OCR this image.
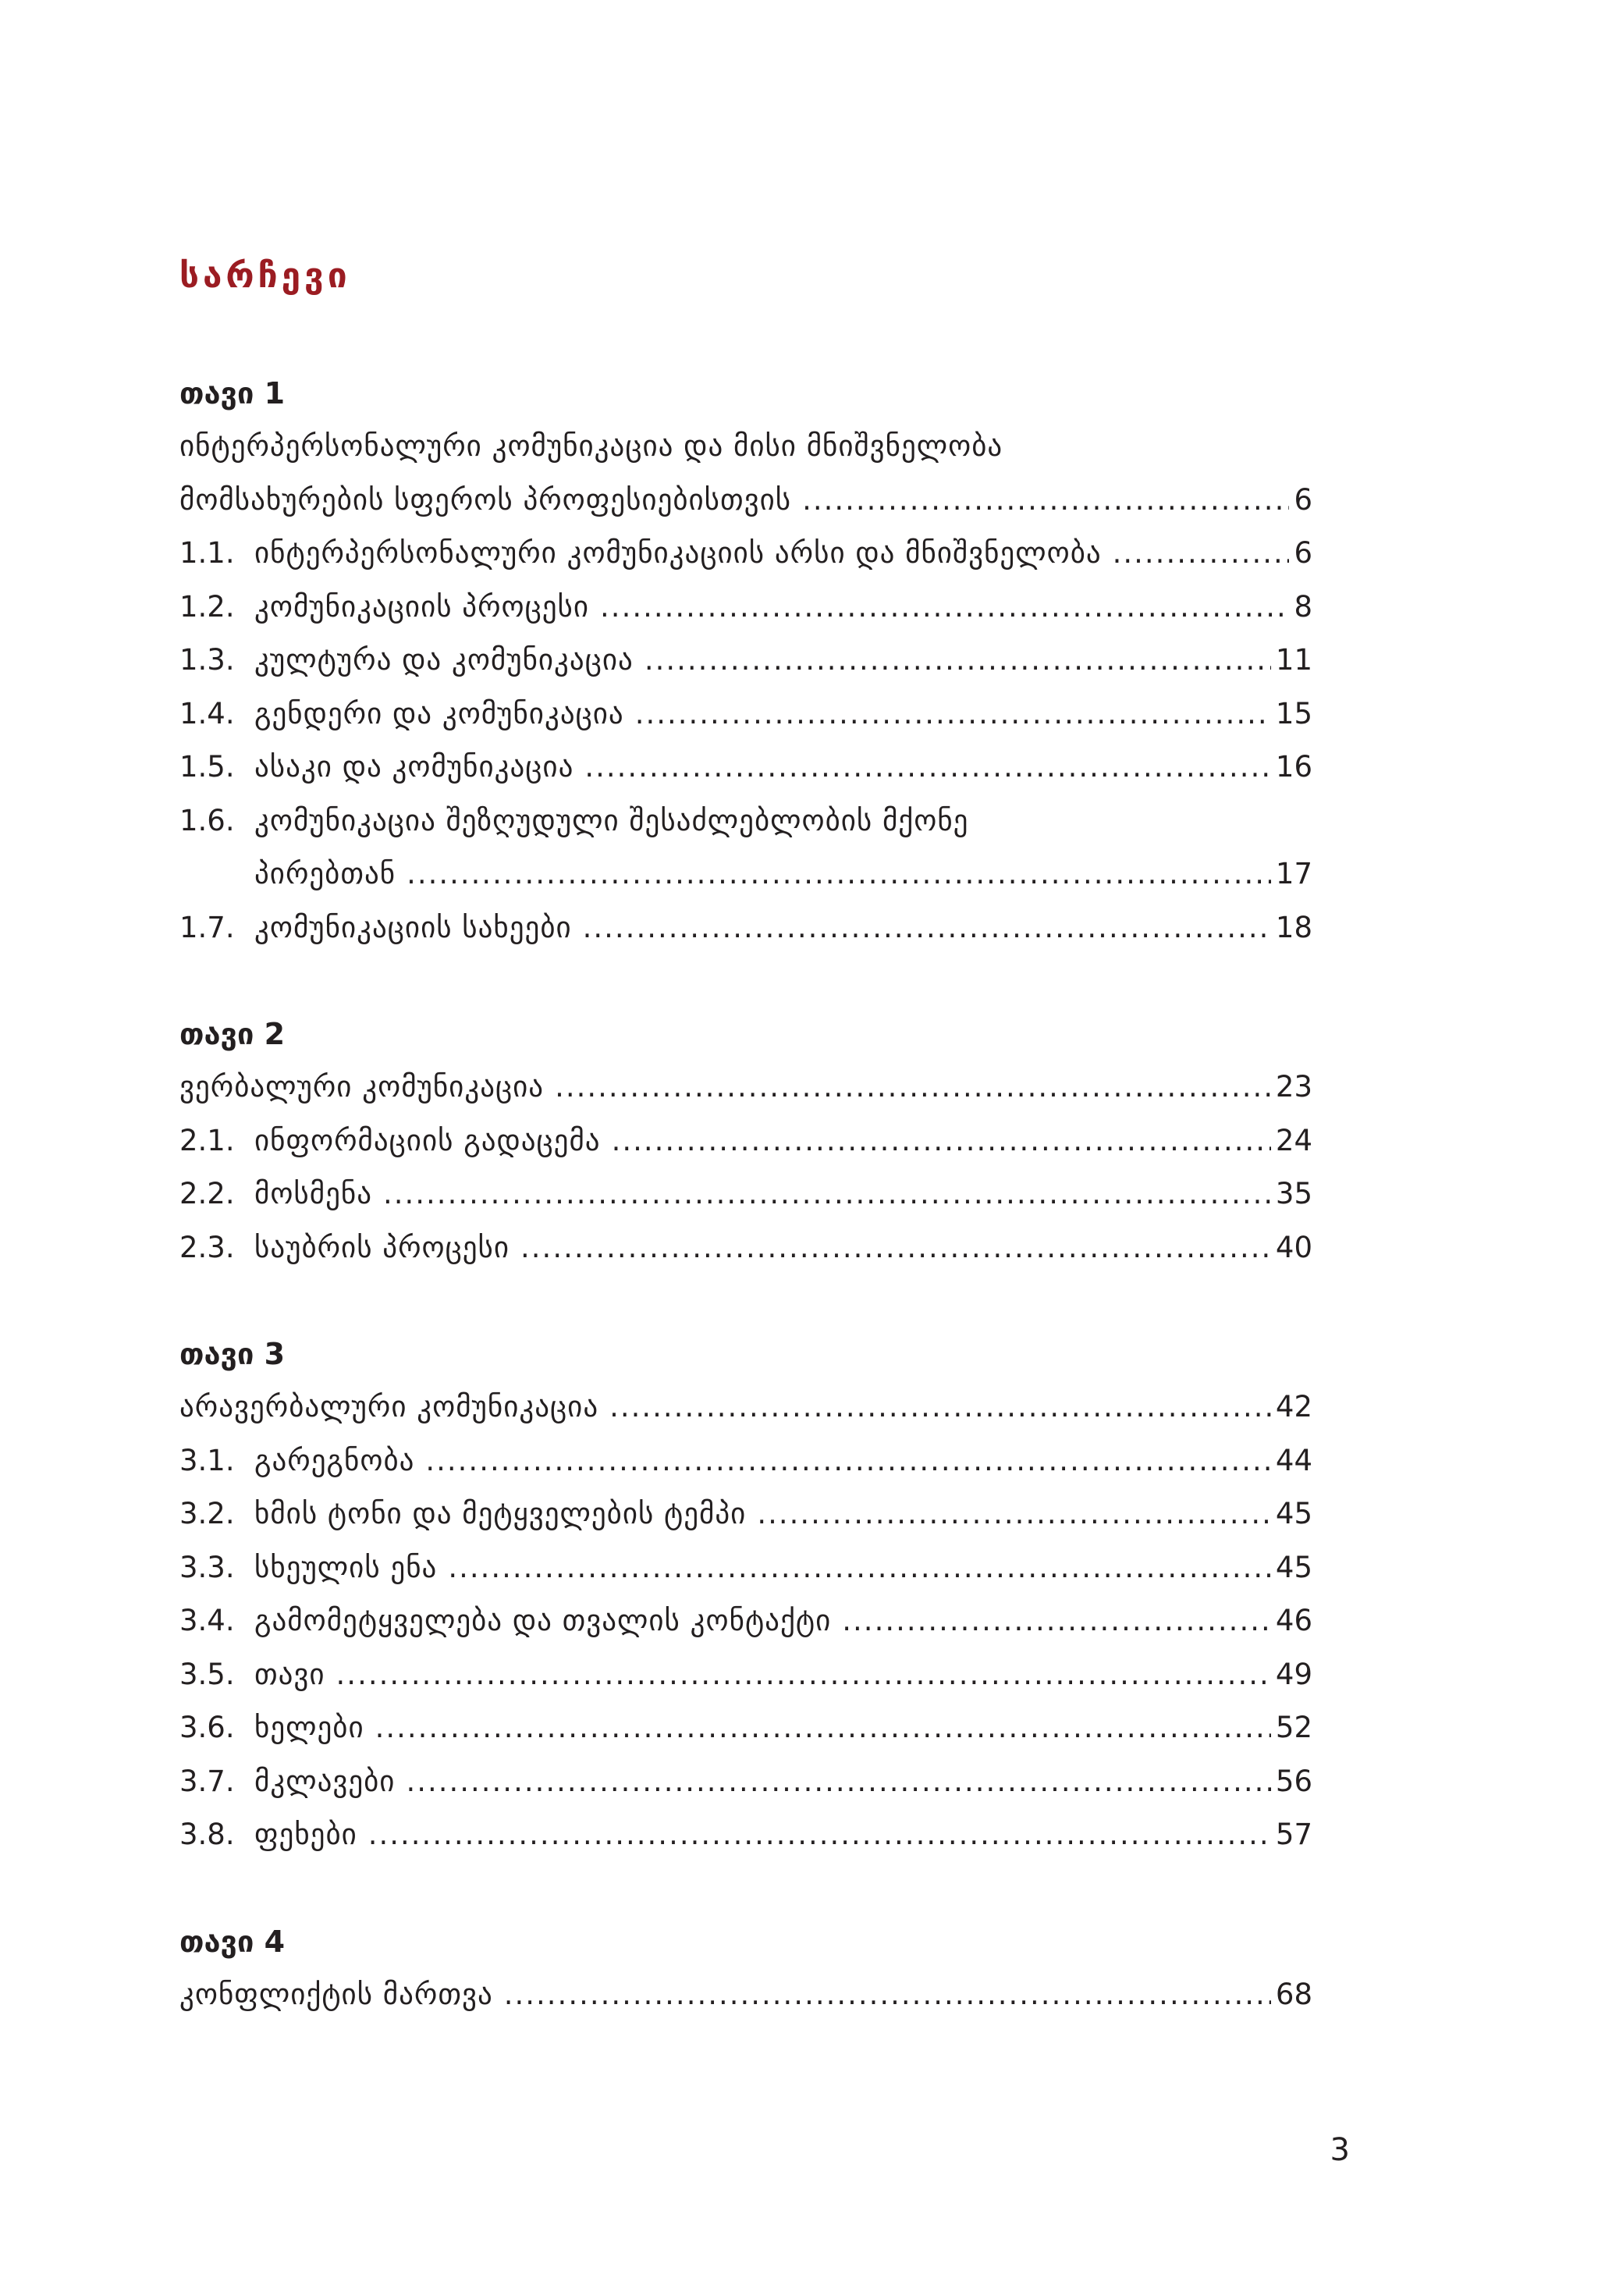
სარჩევი
თავი 1
ინტერპერსონალური კომუნიკაცია და მისი მნიშვნელობა
მომსახურების სფეროს პროფესიებისთვის .....	6
1.1. ინტერპერსონალური კომუნიკაციის არსი და მნიშვნელობა .....	6
1.2. კომუნიკაციის პროცესი .....	8
1.3. კულტურა და კომუნიკაცია .....	11
1.4. გენდერი და კომუნიკაცია .....	15
1.5. ასაკი და კომუნიკაცია .....	16
1.6. კომუნიკაცია შეზღუდული შესაძლებლობის მქონე
პირებთან .....	17
1.7. კომუნიკაციის სახეები .....	18
თავი 2
ვერბალური კომუნიკაცია .....	23
2.1. ინფორმაციის გადაცემა .....	24
2.2. მოსმენა .....	35
2.3. საუბრის პროცესი .....	40
თავი 3
არავერბალური კომუნიკაცია .....	42
3.1. გარეგნობა .....	44
3.2. ხმის ტონი და მეტყველების ტემპი .....	45
3.3. სხეულის ენა .....	45
3.4. გამომეტყველება და თვალის კონტაქტი .....	46
3.5. თავი .....	49
3.6. ხელები .....	52
3.7. მკლავები .....	56
3.8. ფეხები .....	57
თავი 4
კონფლიქტის მართვა .....	68
3
